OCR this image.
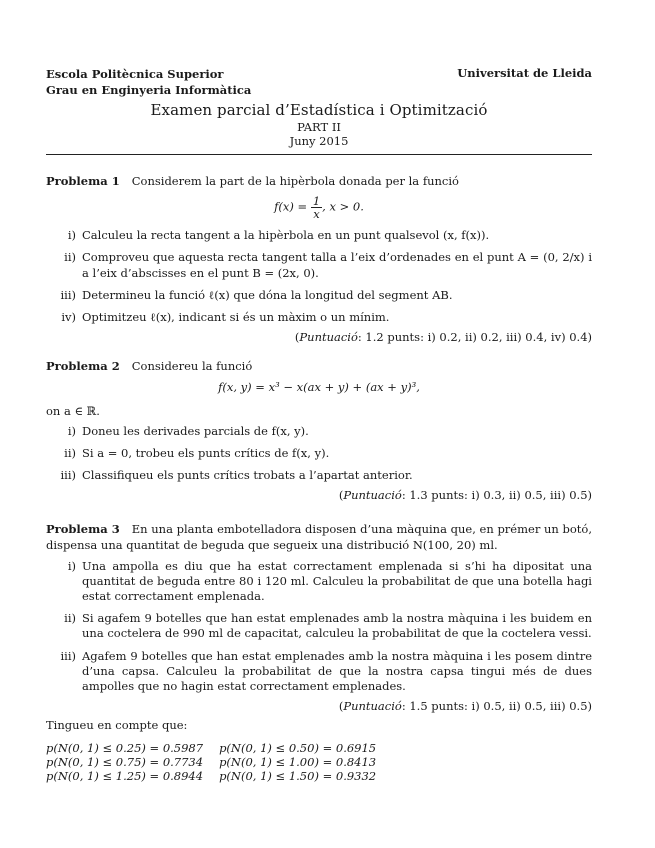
Escola Politècnica Superior
Grau en Enginyeria Informàtica
Universitat de Lleida
Examen parcial d’Estadística i Optimització
PART II
Juny 2015
Problema 1 Considerem la part de la hipèrbola donada per la funció
$f(x) = \frac{1}{x}$ , x > 0.
i) Calculeu la recta tangent a la hipèrbola en un punt qualsevol (x, f(x)).
ii) Comproveu que aquesta recta tangent talla a l’eix d’ordenades en el punt A = (0, 2/x) i a l’eix d’abscisses en el punt B = (2x, 0).
iii) Determineu la funció ℓ(x) que dóna la longitud del segment AB.
iv) Optimitzeu ℓ(x), indicant si és un màxim o un mínim.
(Puntuació: 1.2 punts: i) 0.2, ii) 0.2, iii) 0.4, iv) 0.4)
Problema 2 Considereu la funció
f(x, y) = x³ − x(ax + y) + (ax + y)³,
on a ∈ ℝ.
i) Doneu les derivades parcials de f(x, y).
ii) Si a = 0, trobeu els punts crítics de f(x, y).
iii) Classifiqueu els punts crítics trobats a l’apartat anterior.
(Puntuació: 1.3 punts: i) 0.3, ii) 0.5, iii) 0.5)
Problema 3 En una planta embotelladora disposen d’una màquina que, en prémer un botó, dispensa una quantitat de beguda que segueix una distribució N(100, 20) ml.
i) Una ampolla es diu que ha estat correctament emplenada si s’hi ha dipositat una quantitat de beguda entre 80 i 120 ml. Calculeu la probabilitat de que una botella hagi estat correctament emplenada.
ii) Si agafem 9 botelles que han estat emplenades amb la nostra màquina i les buidem en una coctelera de 990 ml de capacitat, calculeu la probabilitat de que la coctelera vessi.
iii) Agafem 9 botelles que han estat emplenades amb la nostra màquina i les posem dintre d’una capsa. Calculeu la probabilitat de que la nostra capsa tingui més de dues ampolles que no hagin estat correctament emplenades.
(Puntuació: 1.5 punts: i) 0.5, ii) 0.5, iii) 0.5)
Tingueu en compte que:
p(N(0, 1) ≤ 0.25) = 0.5987 p(N(0, 1) ≤ 0.50) = 0.6915
p(N(0, 1) ≤ 0.75) = 0.7734 p(N(0, 1) ≤ 1.00) = 0.8413
p(N(0, 1) ≤ 1.25) = 0.8944 p(N(0, 1) ≤ 1.50) = 0.9332
